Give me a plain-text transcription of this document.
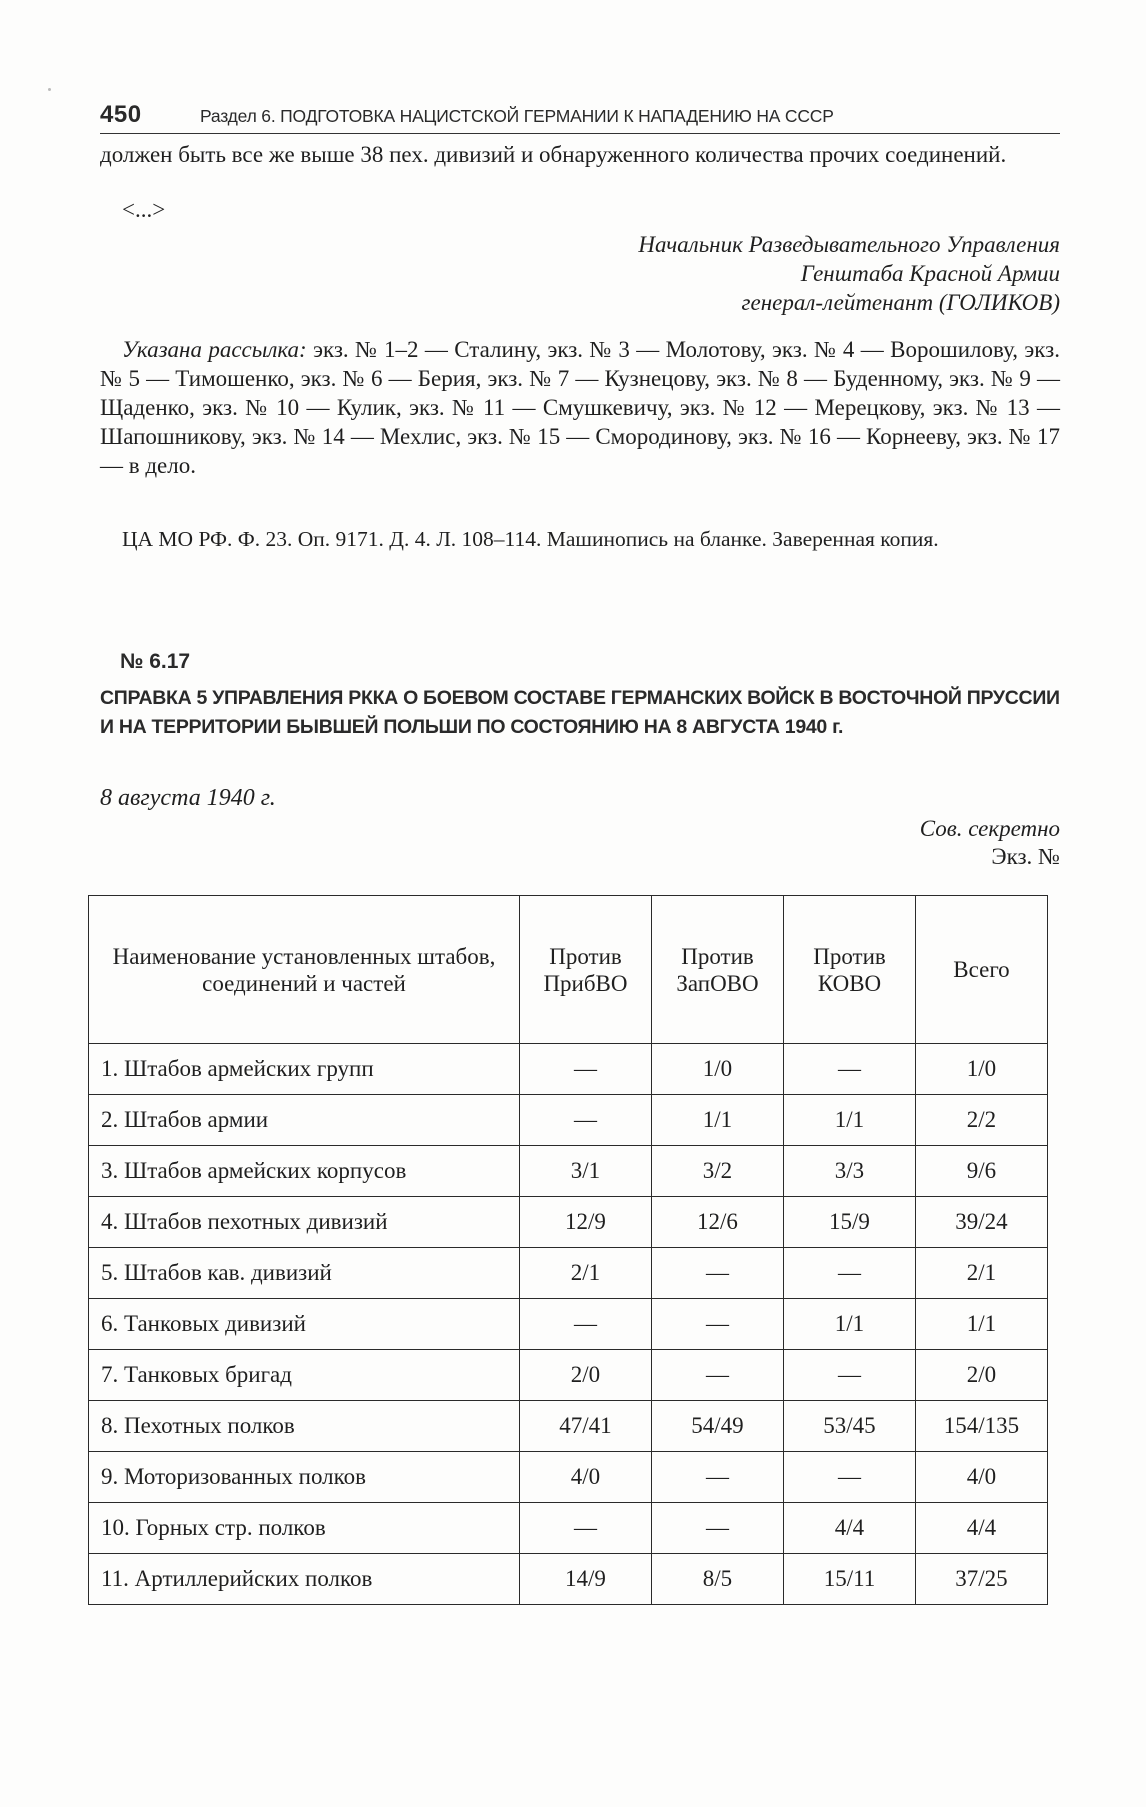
450	Раздел 6. ПОДГОТОВКА НАЦИСТСКОЙ ГЕРМАНИИ К НАПАДЕНИЮ НА СССР
должен быть все же выше 38 пех. дивизий и обнаруженного количества прочих соединений.
<...>
Начальник Разведывательного Управления
Генштаба Красной Армии
генерал-лейтенант (ГОЛИКОВ)
Указана рассылка: экз. № 1–2 — Сталину, экз. № 3 — Молотову, экз. № 4 — Ворошилову, экз. № 5 — Тимошенко, экз. № 6 — Берия, экз. № 7 — Кузнецову, экз. № 8 — Буденному, экз. № 9 — Щаденко, экз. № 10 — Кулик, экз. № 11 — Смушкевичу, экз. № 12 — Мерецкову, экз. № 13 — Шапошникову, экз. № 14 — Мехлис, экз. № 15 — Смородинову, экз. № 16 — Корнееву, экз. № 17 — в дело.
ЦА МО РФ. Ф. 23. Оп. 9171. Д. 4. Л. 108–114. Машинопись на бланке. Заверенная копия.
№ 6.17
СПРАВКА 5 УПРАВЛЕНИЯ РККА О БОЕВОМ СОСТАВЕ ГЕРМАНСКИХ ВОЙСК В ВОСТОЧНОЙ ПРУССИИ И НА ТЕРРИТОРИИ БЫВШЕЙ ПОЛЬШИ ПО СОСТОЯНИЮ НА 8 АВГУСТА 1940 г.
8 августа 1940 г.
Сов. секретно
Экз. №
Наименование установленных штабов, соединений и частей	Против ПрибВО	Против ЗапОВО	Против КОВО	Всего
1. Штабов армейских групп	—	1/0	—	1/0
2. Штабов армии	—	1/1	1/1	2/2
3. Штабов армейских корпусов	3/1	3/2	3/3	9/6
4. Штабов пехотных дивизий	12/9	12/6	15/9	39/24
5. Штабов кав. дивизий	2/1	—	—	2/1
6. Танковых дивизий	—	—	1/1	1/1
7. Танковых бригад	2/0	—	—	2/0
8. Пехотных полков	47/41	54/49	53/45	154/135
9. Моторизованных полков	4/0	—	—	4/0
10. Горных стр. полков	—	—	4/4	4/4
11. Артиллерийских полков	14/9	8/5	15/11	37/25
